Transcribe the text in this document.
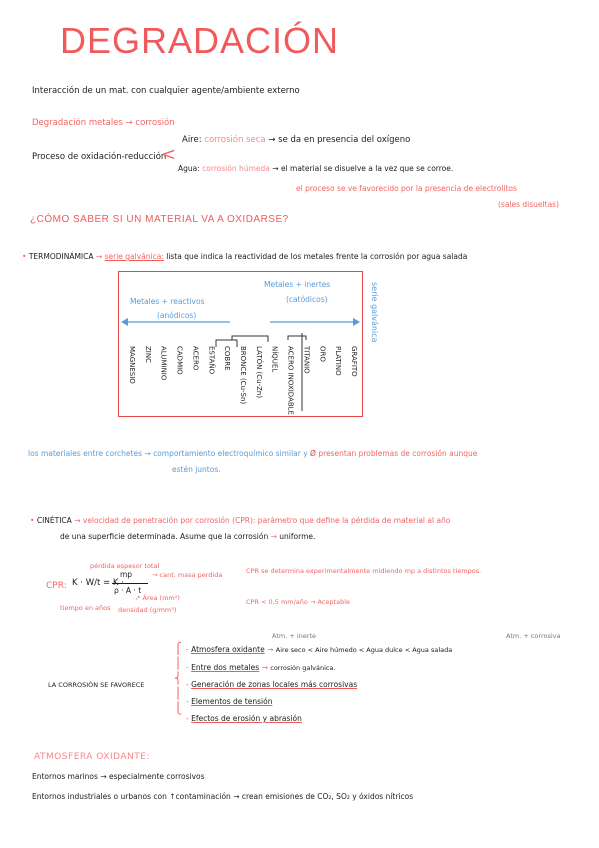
DEGRADACIÓN
Interacción de un mat. con cualquier agente/ambiente externo
Degradación metales → corrosión
Proceso de oxidación-reducción
<
Aire: corrosión seca → se da en presencia del oxígeno
Agua: corrosión húmeda → el material se disuelve a la vez que se corroe.
el proceso se ve favorecido por la presencia de electrolitos
(sales disueltas)
¿CÓMO SABER SI UN MATERIAL VA A OXIDARSE?
• TERMODINÁMICA → serie galvánica: lista que indica la reactividad de los metales frente la corrosión por agua salada
Metales + reactivos
(anódicos)
Metales + inertes
(catódicos)	serie galvánica
MAGNESIO ZINC ALUMINIO CADMIO ACERO ESTAÑO COBRE BRONCE (Cu-Sn) LATÓN (Cu-Zn) NÍQUEL ACERO INOXIDABLE TITANIO ORO PLATINO GRAFITO
los materiales entre corchetes → comportamiento electroquímico similar y Ø presentan problemas de corrosión aunque
estén juntos.
• CINÉTICA → velocidad de penetración por corrosión (CPR): parámetro que define la pérdida de material al año
de una superficie determinada. Asume que la corrosión → uniforme.
pérdida espesor total
CPR: K · W/t = K ·
mp
ρ · A · t
→ cant. masa perdida
tiempo en años
↗ Área (mm²)
densidad (g/mm³)
CPR se determina experimentalmente midiendo mp a distintos tiempos.
CPR < 0,5 mm/año → Aceptable
Atm. + inerte	Atm. + corrosiva
LA CORROSIÓN SE FAVORECE
⎧
⎪
⎨
⎪
⎩
- Atmosfera oxidante → Aire seco < Aire húmedo < Agua dulce < Agua salada
- Entre dos metales → corrosión galvánica.
- Generación de zonas locales más corrosivas
- Elementos de tensión
- Efectos de erosión y abrasión
ATMOSFERA OXIDANTE:
Entornos marinos → especialmente corrosivos
Entornos industriales o urbanos con ↑contaminación → crean emisiones de CO₂, SO₂ y óxidos nítricos
